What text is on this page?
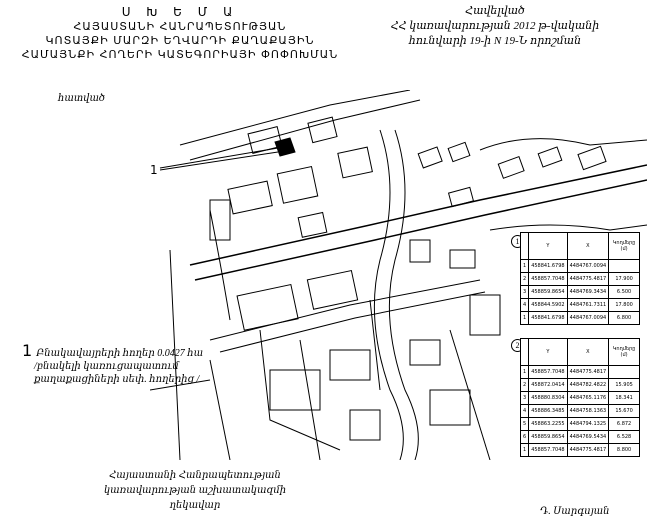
Ս Խ Ե Մ Ա
ՀԱՅԱՍՏԱՆԻ ՀԱՆՐԱՊԵՏՈՒԹՅԱՆ
ԿՈՏԱՅՔԻ ՄԱՐԶԻ ԵՂՎԱՐԴԻ ՔԱՂԱՔԱՅԻՆ
ՀԱՄԱՅՆՔԻ ՀՈՂԵՐԻ ԿԱՏԵԳՈՐԻԱՅԻ ՓՈՓՈԽՄԱՆ
Հավելված
ՀՀ կառավարության 2012 թ-վականի
հունվարի 19-ի N 19-Ն որոշման
հատված
1
1 Բնակավայրերի հողեր 0.0427 հա
/բնակելի կառուցապատում
քաղաքացիների սեփ. հողերից /
1
		Y	X	Կողմերը (մ)
1	458841.6798	4484767.0094	
2	458857.7048	4484775.4817	17.900
3	458859.8654	4484769.3434	6.500
4	458844.5902	4484761.7311	17.800
1	458841.6798	4484767.0094	6.800
2
	Y	X	Կողմերը (մ)
1	458857.7048	4484775.4817	
2	458872.0414	4484782.4822	15.905
3	458880.8304	4484765.1176	18.341
4	458886.3485	4484758.1363	15.670
5	458863.2255	4484794.1325	6.872
6	458859.8654	4484769.5434	6.528
1	458857.7048	4484775.4817	8.800
Հայաստանի Հանրապետության
կառավարության աշխատակազմի
ղեկավար
Դ. Սարգսյան
